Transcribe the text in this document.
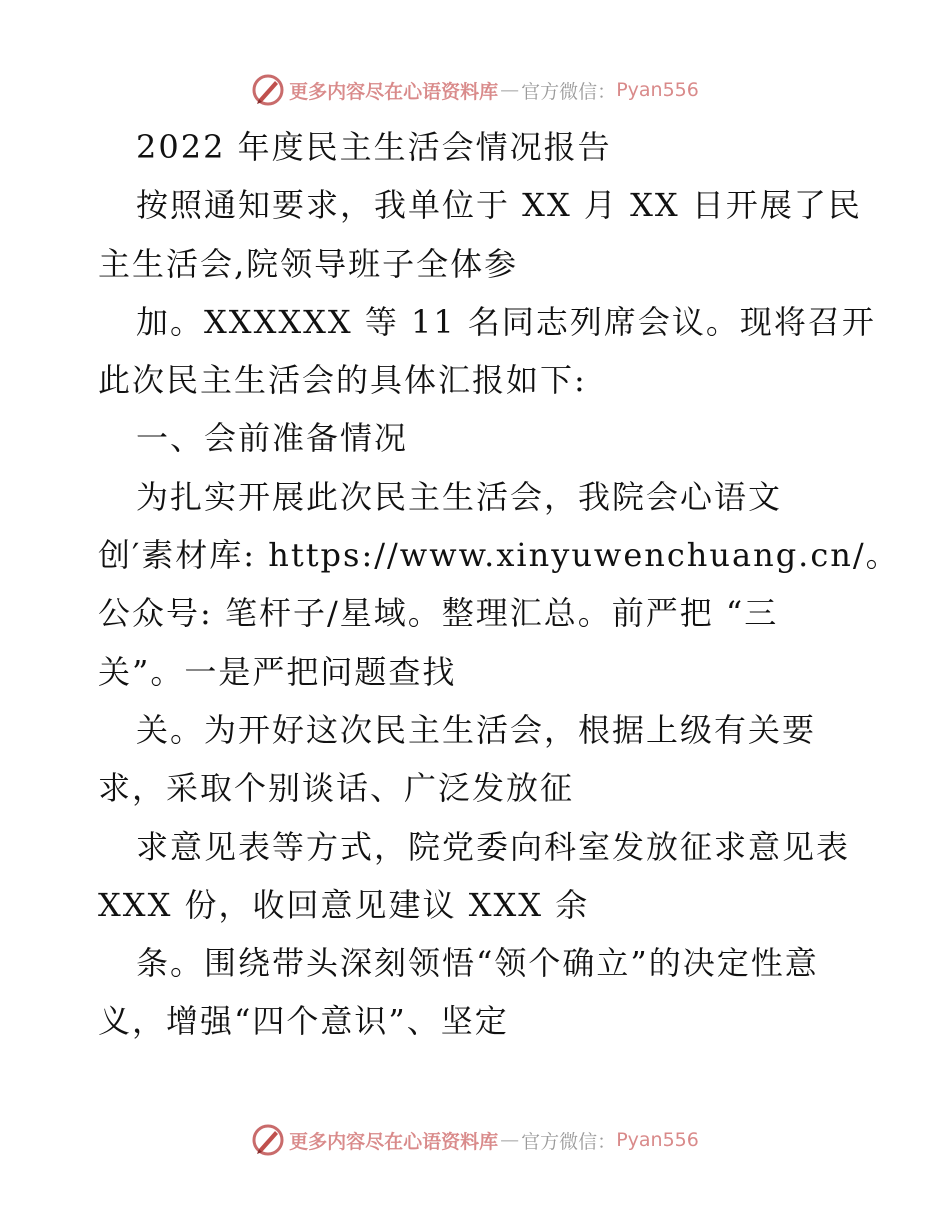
更多内容尽在心语资料库 — 官方微信： Pyan556
2022 年度民主生活会情况报告
按照通知要求，我单位于 XX 月 XX 日开展了民
主生活会,院领导班子全体参
加。XXXXXX 等 11 名同志列席会议。现将召开
此次民主生活会的具体汇报如下:
一、会前准备情况
为扎实开展此次民主生活会，我院会心语文
创′素材库: https://www.xinyuwenchuang.cn/。
公众号: 笔杆子/星域。整理汇总。前严把 “三
关”。一是严把问题查找
关。为开好这次民主生活会，根据上级有关要
求，采取个别谈话、广泛发放征
求意见表等方式，院党委向科室发放征求意见表
XXX 份，收回意见建议 XXX 余
条。围绕带头深刻领悟“领个确立”的决定性意
义，增强“四个意识”、坚定
更多内容尽在心语资料库 — 官方微信： Pyan556
